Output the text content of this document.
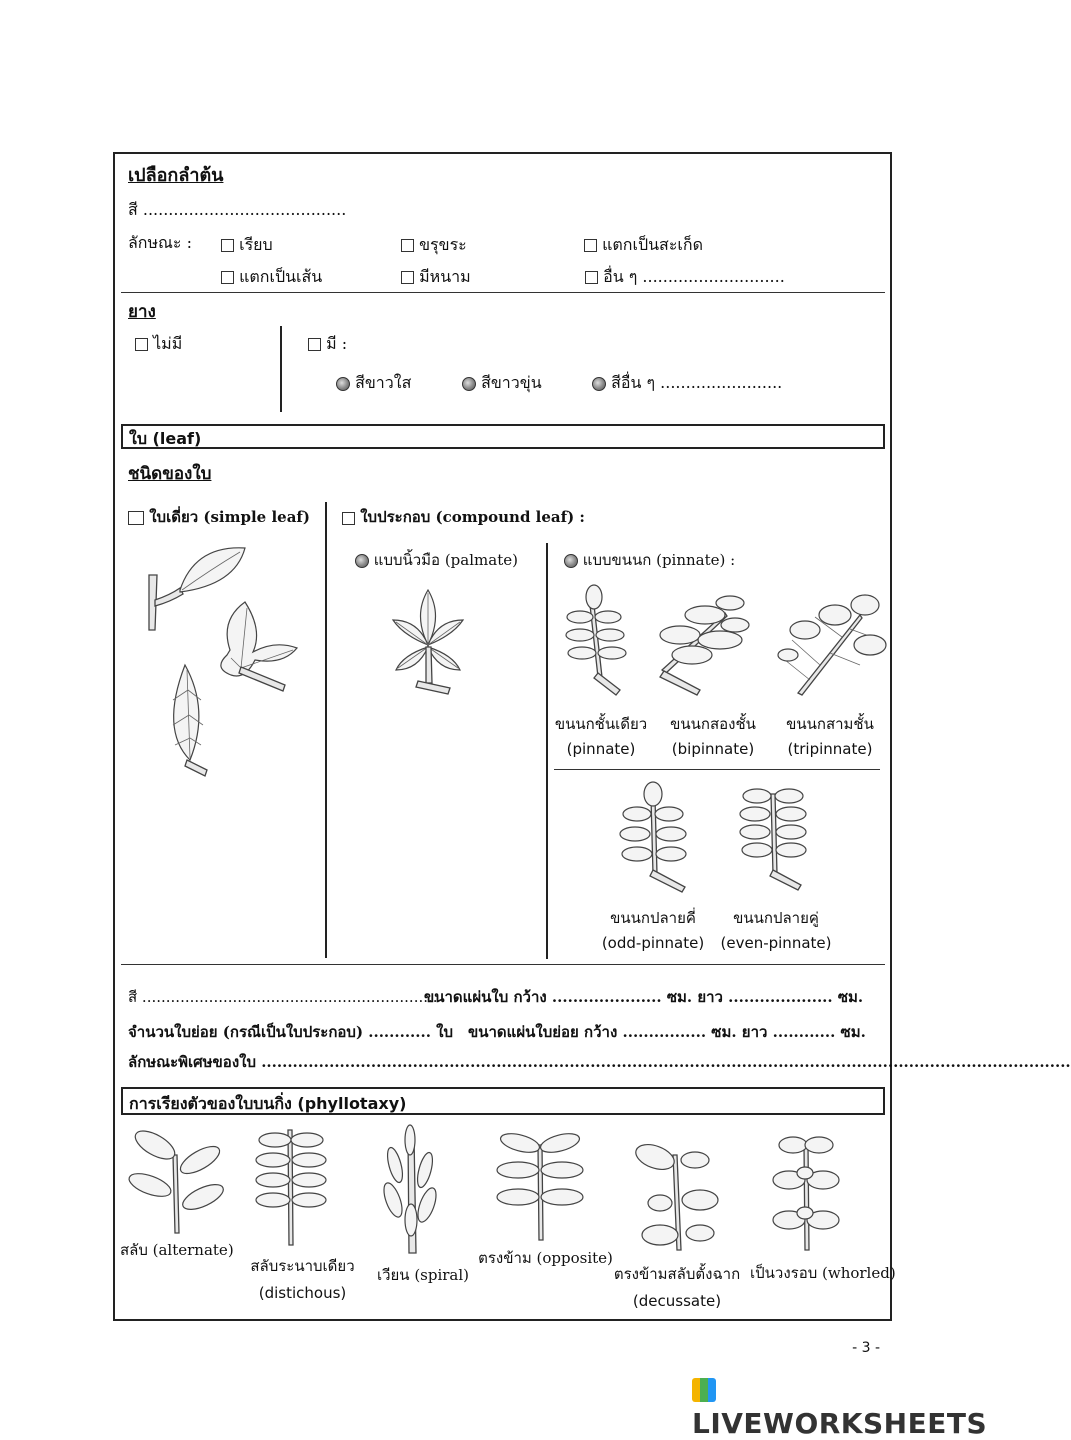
เปลือกลำต้น
สี ........................................
ลักษณะ :	เรียบ	ขรุขระ	แตกเป็นสะเก็ด
แตกเป็นเส้น	มีหนาม	อื่น ๆ ............................
ยาง
ไม่มี	มี :
สีขาวใส	สีขาวขุ่น	สีอื่น ๆ ........................
ใบ (leaf)
ชนิดของใบ
ใบเดี่ยว (simple leaf)	ใบประกอบ (compound leaf) :
แบบนิ้วมือ (palmate)	แบบขนนก (pinnate) :
ขนนกชั้นเดียว
(pinnate)
ขนนกสองชั้น
(bipinnate)
ขนนกสามชั้น
(tripinnate)
ขนนกปลายคี่
(odd-pinnate)
ขนนกปลายคู่
(even-pinnate)
สี ..............................................................
ขนาดแผ่นใบ กว้าง ..................... ซม. ยาว .................... ซม.
จำนวนใบย่อย (กรณีเป็นใบประกอบ) ............ ใบ ขนาดแผ่นใบย่อย กว้าง ................ ซม. ยาว ............ ซม.
ลักษณะพิเศษของใบ ...........................................................................................................................................................
การเรียงตัวของใบบนกิ่ง (phyllotaxy)
สลับ (alternate)
สลับระนาบเดียว
(distichous)
เวียน (spiral)
ตรงข้าม (opposite)
ตรงข้ามสลับตั้งฉาก
(decussate)
เป็นวงรอบ (whorled)
- 3 -
LIVEWORKSHEETS
